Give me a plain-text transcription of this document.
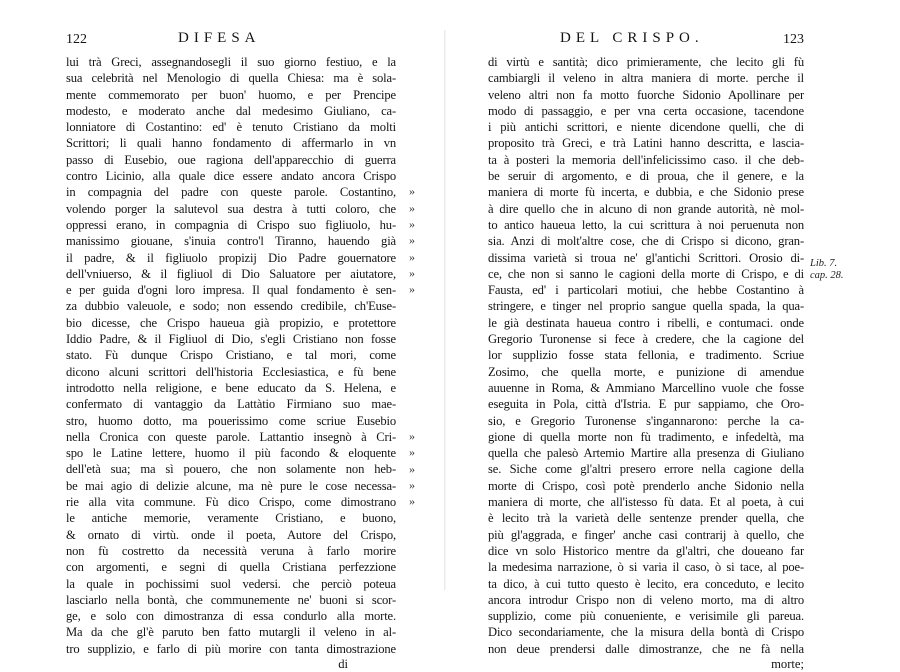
122	DIFESA
lui trà Greci, assegnandosegli il suo giorno festiuo, e la
sua celebrità nel Menologio di quella Chiesa: ma è sola-
mente commemorato per buon' huomo, e per Prencipe
modesto, e moderato anche dal medesimo Giuliano, ca-
lonniatore di Costantino: ed' è tenuto Cristiano da molti
Scrittori; li quali hanno fondamento di affermarlo in vn
passo di Eusebio, oue ragiona dell'apparecchio di guerra
contro Licinio, alla quale dice essere andato ancora Crispo
in compagnia del padre con queste parole. Costantino,
volendo porger la salutevol sua destra à tutti coloro, che
oppressi erano, in compagnia di Crispo suo figliuolo, hu-
manissimo giouane, s'inuia contro'l Tiranno, hauendo già
il padre, & il figliuolo propizij Dio Padre gouernatore
dell'vniuerso, & il figliuol di Dio Saluatore per aiutatore,
e per guida d'ogni loro impresa. Il qual fondamento è sen-
za dubbio valeuole, e sodo; non essendo credibile, ch'Euse-
bio dicesse, che Crispo haueua già propizio, e protettore
Iddio Padre, & il Figliuol di Dio, s'egli Cristiano non fosse
stato. Fù dunque Crispo Cristiano, e tal mori, come
dicono alcuni scrittori dell'historia Ecclesiastica, e fù bene
introdotto nella religione, e bene educato da S. Helena, e
confermato di vantaggio da Lattàtio Firmiano suo mae-
stro, huomo dotto, ma pouerissimo come scriue Eusebio
nella Cronica con queste parole. Lattantio insegnò à Cri-
spo le Latine lettere, huomo il più facondo & eloquente
dell'età sua; ma sì pouero, che non solamente non heb-
be mai agio di delizie alcune, ma nè pure le cose necessa-
rie alla vita commune. Fù dico Crispo, come dimostrano
le antiche memorie, veramente Cristiano, e buono,
& ornato di virtù. onde il poeta, Autore del Crispo,
non fù costretto da necessità veruna à farlo morire
con argomenti, e segni di quella Cristiana perfezzione
la quale in pochissimi suol vedersi. che perciò poteua
lasciarlo nella bontà, che communemente ne' buoni si scor-
ge, e solo con dimostranza di essa condurlo alla morte.
Ma da che gl'è paruto ben fatto mutargli il veleno in al-
tro supplizio, e farlo di più morire con tanta dimostrazione
di
»
»
»
»
»
»
»
»
»
»
»
»
DEL CRISPO.	123
di virtù e santità; dico primieramente, che lecito gli fù
cambiargli il veleno in altra maniera di morte. perche il
veleno altri non fa motto fuorche Sidonio Apollinare per
modo di passaggio, e per vna certa occasione, tacendone
i più antichi scrittori, e niente dicendone quelli, che di
proposito trà Greci, e trà Latini hanno descritta, e lascia-
ta à posteri la memoria dell'infelicissimo caso. il che deb-
be seruir di argomento, e di proua, che il genere, e la
maniera di morte fù incerta, e dubbia, e che Sidonio prese
à dire quello che in alcuno di non grande autorità, nè mol-
to antico haueua letto, la cui scrittura à noi peruenuta non
sia. Anzi di molt'altre cose, che di Crispo si dicono, gran-
dissima varietà si troua ne' gl'antichi Scrittori. Orosio di-
ce, che non si sanno le cagioni della morte di Crispo, e di
Fausta, ed' i particolari motiui, che hebbe Costantino à
stringere, e tinger nel proprio sangue quella spada, la qua-
le già destinata haueua contro i ribelli, e contumaci. onde
Gregorio Turonense si fece à credere, che la cagione del
lor supplizio fosse stata fellonia, e tradimento. Scriue
Zosimo, che quella morte, e punizione di amendue
auuenne in Roma, & Ammiano Marcellino vuole che fosse
eseguita in Pola, città d'Istria. E pur sappiamo, che Oro-
sio, e Gregorio Turonense s'ingannarono: perche la ca-
gione di quella morte non fù tradimento, e infedeltà, ma
quella che palesò Artemio Martire alla presenza di Giuliano
se. Siche come gl'altri presero errore nella cagione della
morte di Crispo, così potè prenderlo anche Sidonio nella
maniera di morte, che all'istesso fù data. Et al poeta, à cui
è lecito trà la varietà delle sentenze prender quella, che
più gl'aggrada, e finger' anche casi contrarij à quello, che
dice vn solo Historico mentre da gl'altri, che doueano far
la medesima narrazione, ò si varia il caso, ò si tace, al poe-
ta dico, à cui tutto questo è lecito, era conceduto, e lecito
ancora introdur Crispo non di veleno morto, ma di altro
supplizio, come più conueniente, e verisimile gli pareua.
Dico secondariamente, che la misura della bontà di Crispo
non deue prendersi dalle dimostranze, che ne fà nella
morte;
Lib. 7.
cap. 28.
